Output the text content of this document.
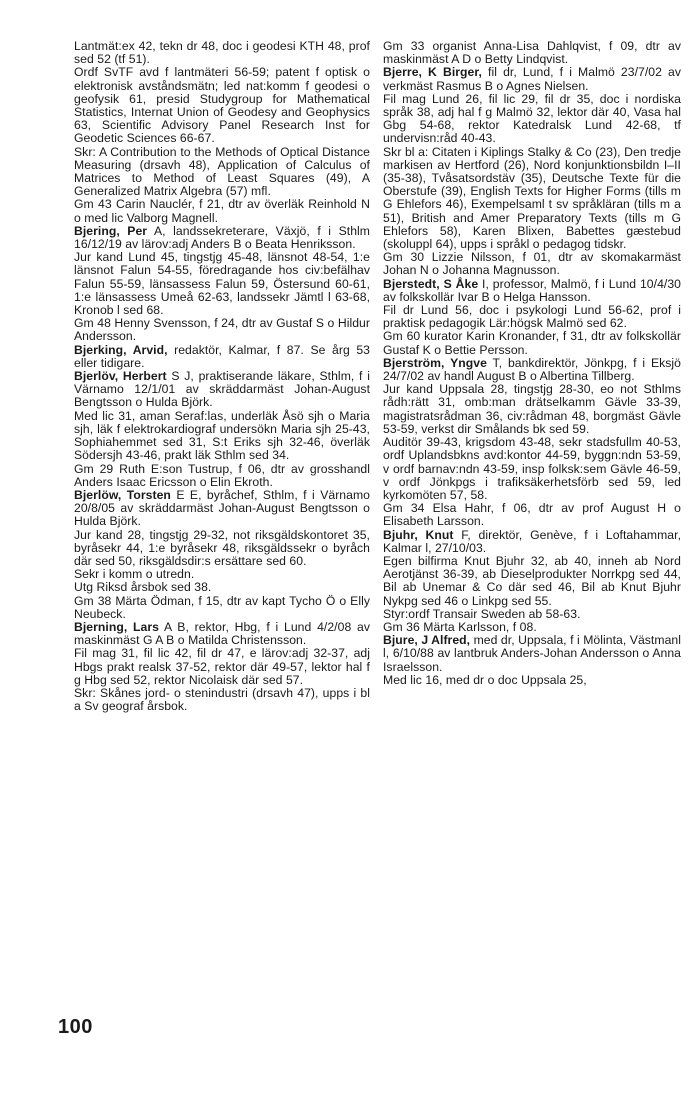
Lantmät:ex 42, tekn dr 48, doc i geodesi KTH 48, prof sed 52 (tf 51).

Ordf SvTF avd f lantmäteri 56-59; patent f optisk o elektronisk avståndsmätn; led nat:komm f geodesi o geofysik 61, presid Studygroup for Mathematical Statistics, Internat Union of Geodesy and Geophysics 63, Scientific Advisory Panel Research Inst for Geodetic Sciences 66-67.

Skr: A Contribution to the Methods of Optical Distance Measuring (drsavh 48), Application of Calculus of Matrices to Method of Least Squares (49), A Generalized Matrix Algebra (57) mfl.

Gm 43 Carin Nauclér, f 21, dtr av överläk Reinhold N o med lic Valborg Magnell.

Bjering, Per A, landssekreterare, Växjö, f i Sthlm 16/12/19 av lärov:adj Anders B o Beata Henriksson.

Jur kand Lund 45, tingstjg 45-48, länsnot 48-54, 1:e länsnot Falun 54-55, föredragande hos civ:befälhav Falun 55-59, länsassess Falun 59, Östersund 60-61, 1:e länsassess Umeå 62-63, landssekr Jämtl l 63-68, Kronob l sed 68.

Gm 48 Henny Svensson, f 24, dtr av Gustaf S o Hildur Andersson.

Bjerking, Arvid, redaktör, Kalmar, f 87. Se årg 53 eller tidigare.

Bjerlöv, Herbert S J, praktiserande läkare, Sthlm, f i Värnamo 12/1/01 av skräddarmäst Johan-August Bengtsson o Hulda Björk.

Med lic 31, aman Seraf:las, underläk Åsö sjh o Maria sjh, läk f elektrokardiograf undersökn Maria sjh 25-43, Sophiahemmet sed 31, S:t Eriks sjh 32-46, överläk Södersjh 43-46, prakt läk Sthlm sed 34.

Gm 29 Ruth E:son Tustrup, f 06, dtr av grosshandl Anders Isaac Ericsson o Elin Ekroth.

Bjerlöw, Torsten E E, byråchef, Sthlm, f i Värnamo 20/8/05 av skräddarmäst Johan-August Bengtsson o Hulda Björk.

Jur kand 28, tingstjg 29-32, not riksgäldskontoret 35, byråsekr 44, 1:e byråsekr 48, riksgäldssekr o byråch där sed 50, riksgäldsdir:s ersättare sed 60.

Sekr i komm o utredn.

Utg Riksd årsbok sed 38.

Gm 38 Märta Ödman, f 15, dtr av kapt Tycho Ö o Elly Neubeck.

Bjerning, Lars A B, rektor, Hbg, f i Lund 4/2/08 av maskinmäst G A B o Matilda Christensson.

Fil mag 31, fil lic 42, fil dr 47, e lärov:adj 32-37, adj Hbgs prakt realsk 37-52, rektor där 49-57, lektor hal f g Hbg sed 52, rektor Nicolaisk där sed 57.

Skr: Skånes jord- o stenindustri (drsavh 47), upps i bl a Sv geograf årsbok.

Gm 33 organist Anna-Lisa Dahlqvist, f 09, dtr av maskinmäst A D o Betty Lindqvist.

Bjerre, K Birger, fil dr, Lund, f i Malmö 23/7/02 av verkmäst Rasmus B o Agnes Nielsen.

Fil mag Lund 26, fil lic 29, fil dr 35, doc i nordiska språk 38, adj hal f g Malmö 32, lektor där 40, Vasa hal Gbg 54-68, rektor Katedralsk Lund 42-68, tf undervisn:råd 40-43.

Skr bl a: Citaten i Kiplings Stalky & Co (23), Den tredje markisen av Hertford (26), Nord konjunktionsbildn I–II (35-38), Tvåsatsordstäv (35), Deutsche Texte für die Oberstufe (39), English Texts for Higher Forms (tills m G Ehlefors 46), Exempelsaml t sv språkläran (tills m a 51), British and Amer Preparatory Texts (tills m G Ehlefors 58), Karen Blixen, Babettes gæstebud (skoluppl 64), upps i språkl o pedagog tidskr.

Gm 30 Lizzie Nilsson, f 01, dtr av skomakarmäst Johan N o Johanna Magnusson.

Bjerstedt, S Åke I, professor, Malmö, f i Lund 10/4/30 av folkskollär Ivar B o Helga Hansson.

Fil dr Lund 56, doc i psykologi Lund 56-62, prof i praktisk pedagogik Lär:högsk Malmö sed 62.

Gm 60 kurator Karin Kronander, f 31, dtr av folkskollär Gustaf K o Bettie Persson.

Bjerström, Yngve T, bankdirektör, Jönkpg, f i Eksjö 24/7/02 av handl August B o Albertina Tillberg.

Jur kand Uppsala 28, tingstjg 28-30, eo not Sthlms rådh:rätt 31, omb:man drätselkamm Gävle 33-39, magistratsrådman 36, civ:rådman 48, borgmäst Gävle 53-59, verkst dir Smålands bk sed 59.

Auditör 39-43, krigsdom 43-48, sekr stadsfullm 40-53, ordf Uplandsbkns avd:kontor 44-59, byggn:ndn 53-59, v ordf barnav:ndn 43-59, insp folksk:sem Gävle 46-59, v ordf Jönkpgs i trafiksäkerhetsförb sed 59, led kyrkomöten 57, 58.

Gm 34 Elsa Hahr, f 06, dtr av prof August H o Elisabeth Larsson.

Bjuhr, Knut F, direktör, Genève, f i Loftahammar, Kalmar l, 27/10/03.

Egen bilfirma Knut Bjuhr 32, ab 40, inneh ab Nord Aerotjänst 36-39, ab Dieselprodukter Norrkpg sed 44, Bil ab Unemar & Co där sed 46, Bil ab Knut Bjuhr Nykpg sed 46 o Linkpg sed 55.

Styr:ordf Transair Sweden ab 58-63.

Gm 36 Märta Karlsson, f 08.

Bjure, J Alfred, med dr, Uppsala, f i Mölinta, Västmanl l, 6/10/88 av lantbruk Anders-Johan Andersson o Anna Israelsson.

Med lic 16, med dr o doc Uppsala 25,

100
